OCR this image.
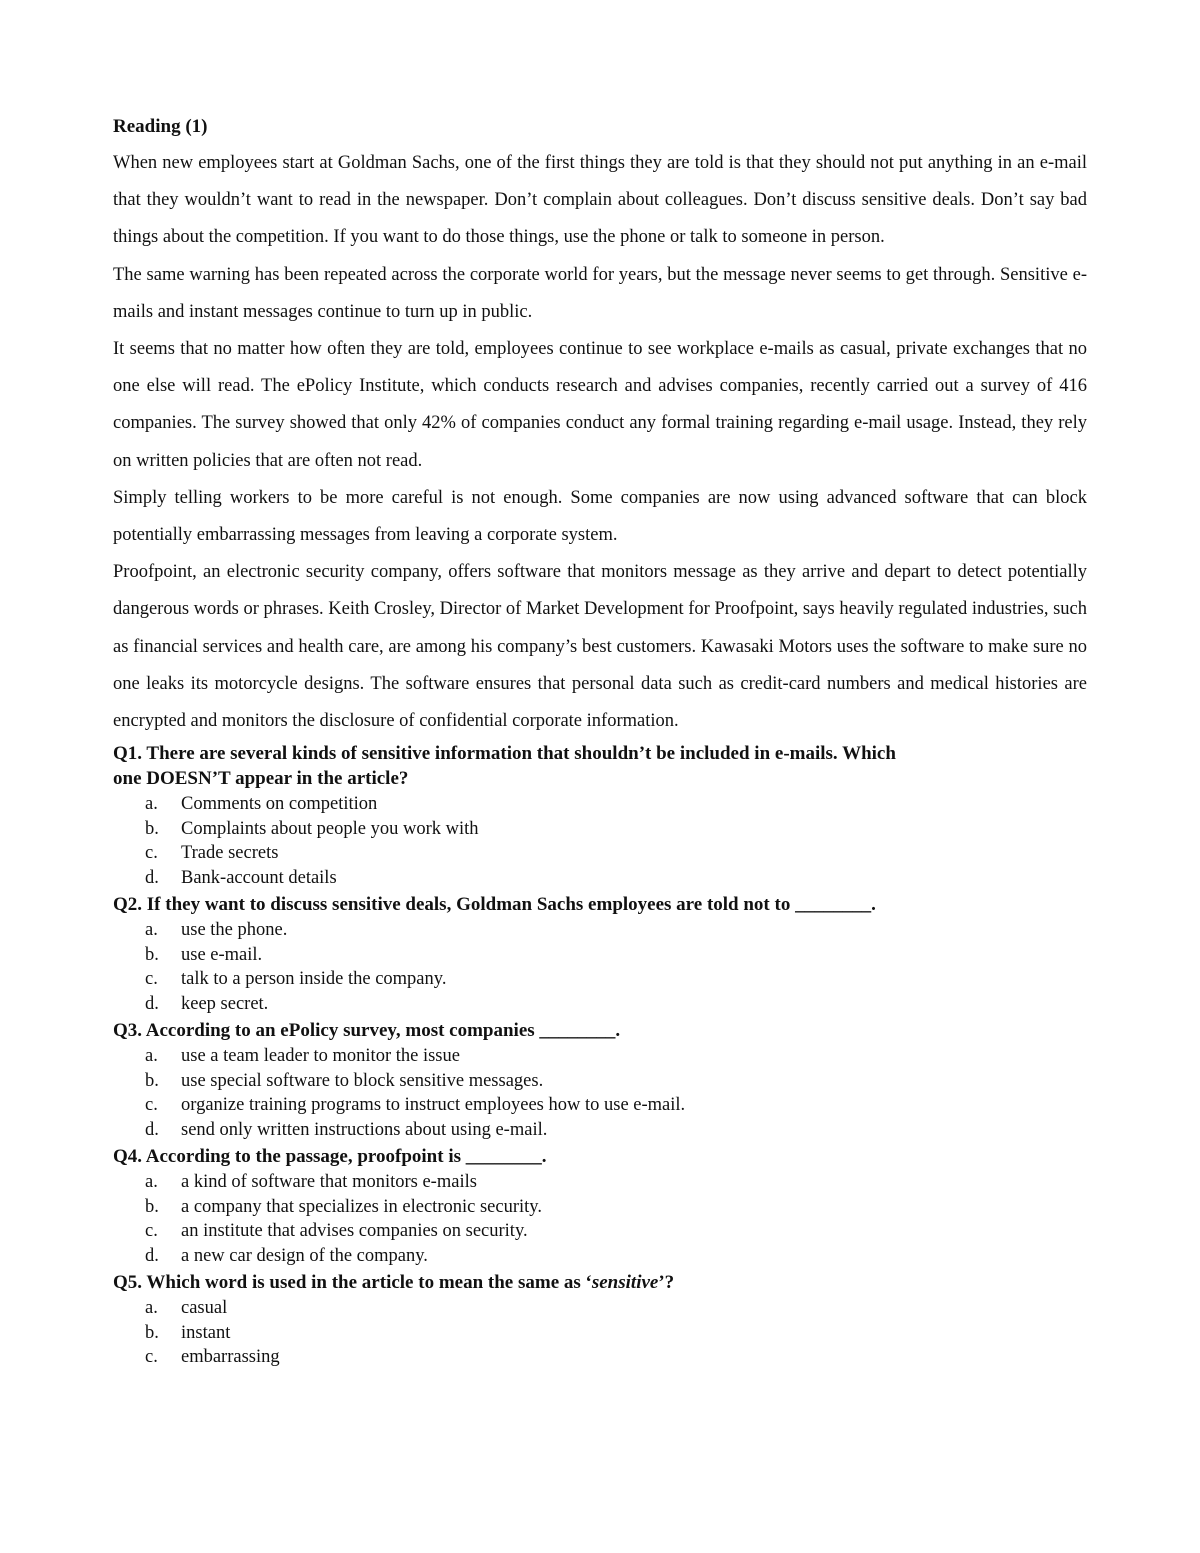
Reading (1)

When new employees start at Goldman Sachs, one of the first things they are told is that they should not put anything in an e-mail that they wouldn’t want to read in the newspaper. Don’t complain about colleagues. Don’t discuss sensitive deals. Don’t say bad things about the competition. If you want to do those things, use the phone or talk to someone in person.

The same warning has been repeated across the corporate world for years, but the message never seems to get through. Sensitive e-mails and instant messages continue to turn up in public.

It seems that no matter how often they are told, employees continue to see workplace e-mails as casual, private exchanges that no one else will read. The ePolicy Institute, which conducts research and advises companies, recently carried out a survey of 416 companies. The survey showed that only 42% of companies conduct any formal training regarding e-mail usage. Instead, they rely on written policies that are often not read.

Simply telling workers to be more careful is not enough. Some companies are now using advanced software that can block potentially embarrassing messages from leaving a corporate system.

Proofpoint, an electronic security company, offers software that monitors message as they arrive and depart to detect potentially dangerous words or phrases. Keith Crosley, Director of Market Development for Proofpoint, says heavily regulated industries, such as financial services and health care, are among his company’s best customers. Kawasaki Motors uses the software to make sure no one leaks its motorcycle designs. The software ensures that personal data such as credit-card numbers and medical histories are encrypted and monitors the disclosure of confidential corporate information.

Q1. There are several kinds of sensitive information that shouldn’t be included in e-mails. Which
one DOESN’T appear in the article?

a.	Comments on competition
b.	Complaints about people you work with
c.	Trade secrets
d.	Bank-account details

Q2. If they want to discuss sensitive deals, Goldman Sachs employees are told not to ________.

a.	use the phone.
b.	use e-mail.
c.	talk to a person inside the company.
d.	keep secret.

Q3. According to an ePolicy survey, most companies ________.

a.	use a team leader to monitor the issue
b.	use special software to block sensitive messages.
c.	organize training programs to instruct employees how to use e-mail.
d.	send only written instructions about using e-mail.

Q4. According to the passage, proofpoint is ________.

a.	a kind of software that monitors e-mails
b.	a company that specializes in electronic security.
c.	an institute that advises companies on security.
d.	a new car design of the company.

Q5. Which word is used in the article to mean the same as ‘sensitive’?

a.	casual
b.	instant
c.	embarrassing
